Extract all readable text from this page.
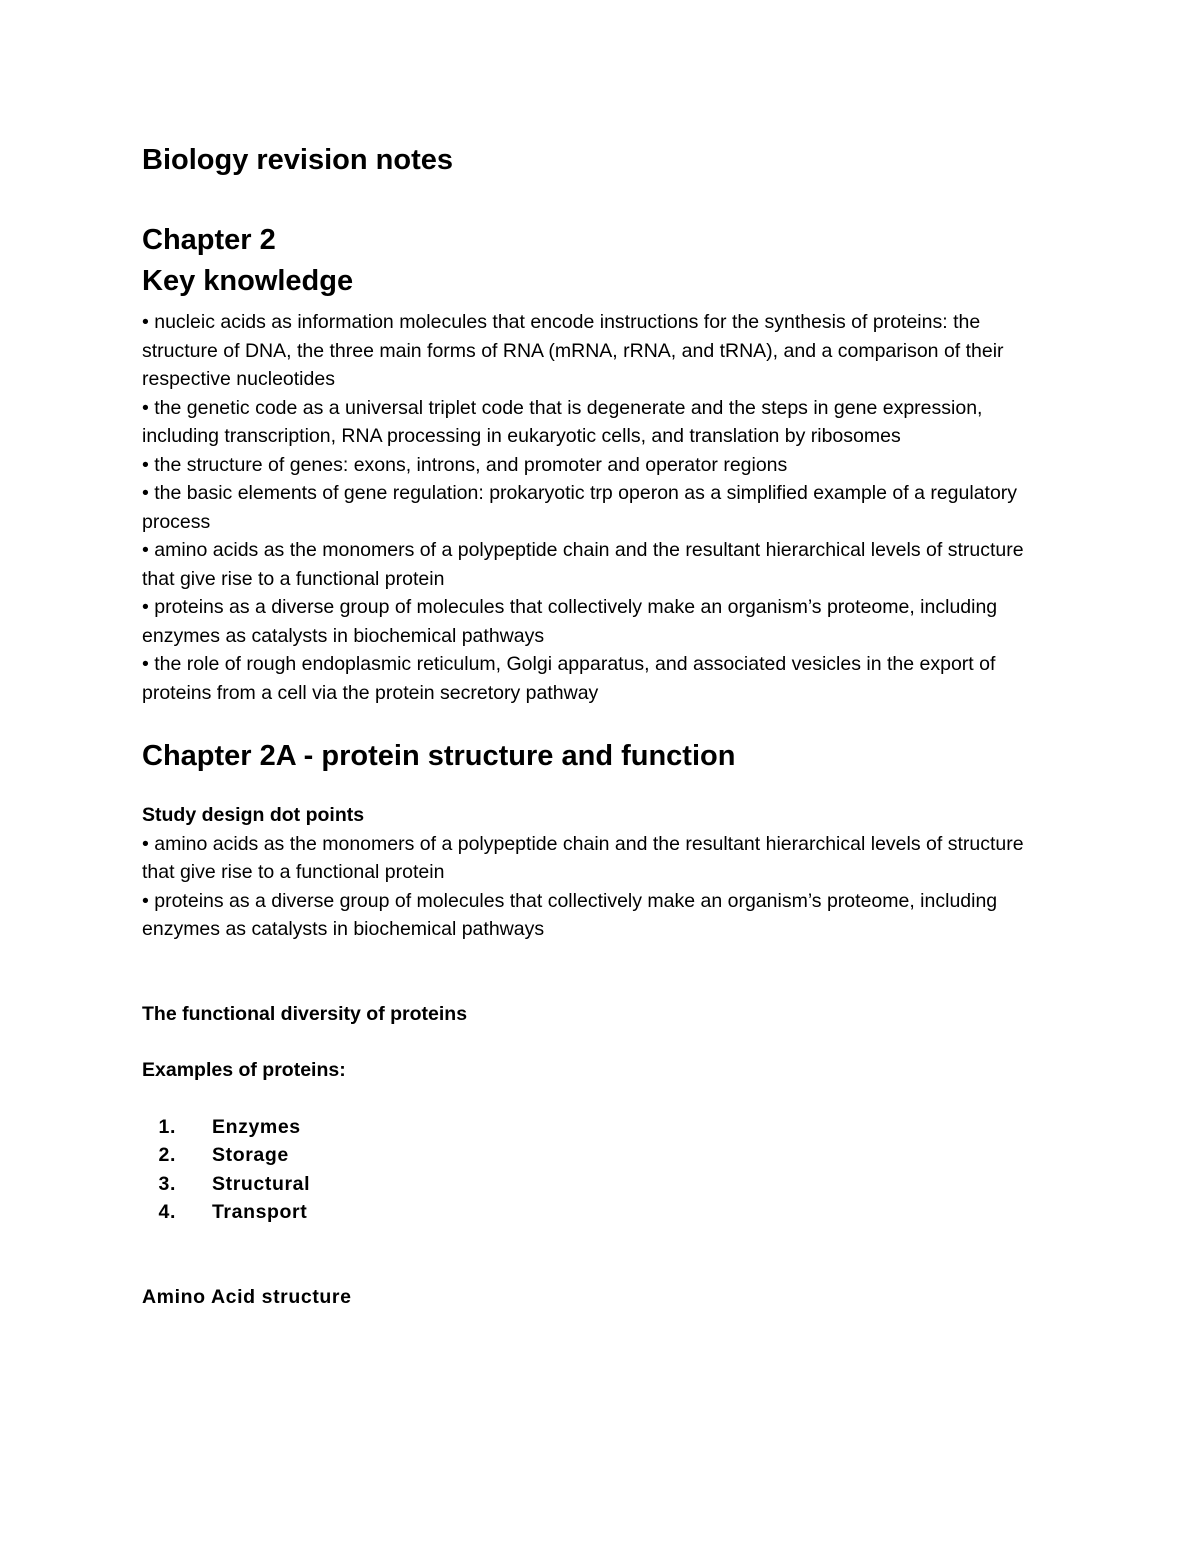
Biology revision notes
Chapter 2
Key knowledge

• nucleic acids as information molecules that encode instructions for the synthesis of proteins: the structure of DNA, the three main forms of RNA (mRNA, rRNA, and tRNA), and a comparison of their respective nucleotides

• the genetic code as a universal triplet code that is degenerate and the steps in gene expression, including transcription, RNA processing in eukaryotic cells, and translation by ribosomes

• the structure of genes: exons, introns, and promoter and operator regions

• the basic elements of gene regulation: prokaryotic trp operon as a simplified example of a regulatory process

• amino acids as the monomers of a polypeptide chain and the resultant hierarchical levels of structure that give rise to a functional protein

• proteins as a diverse group of molecules that collectively make an organism’s proteome, including enzymes as catalysts in biochemical pathways

• the role of rough endoplasmic reticulum, Golgi apparatus, and associated vesicles in the export of proteins from a cell via the protein secretory pathway

Chapter 2A - protein structure and function

Study design dot points

• amino acids as the monomers of a polypeptide chain and the resultant hierarchical levels of structure that give rise to a functional protein

• proteins as a diverse group of molecules that collectively make an organism’s proteome, including enzymes as catalysts in biochemical pathways

The functional diversity of proteins

Examples of proteins:

1. Enzymes
2. Storage
3. Structural
4. Transport

Amino Acid structure
